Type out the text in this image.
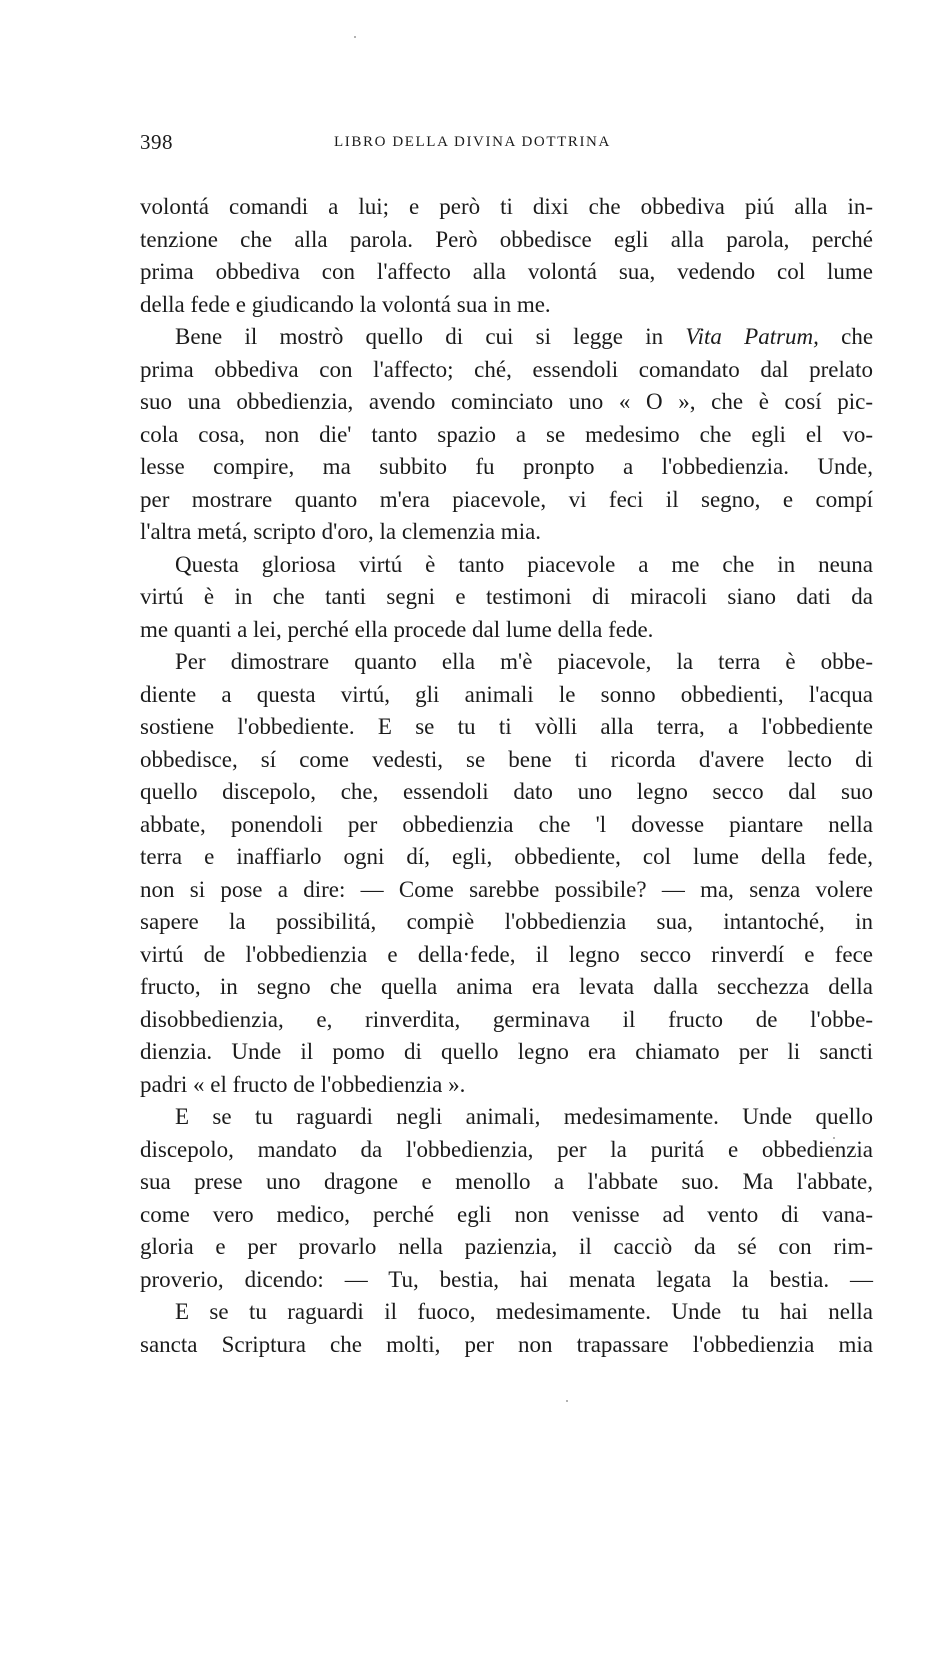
398	LIBRO DELLA DIVINA DOTTRINA
volontá comandi a lui; e però ti dixi che obbediva piú alla in-
tenzione che alla parola. Però obbedisce egli alla parola, perché
prima obbediva con l'affecto alla volontá sua, vedendo col lume
della fede e giudicando la volontá sua in me.
Bene il mostrò quello di cui si legge in Vita Patrum, che
prima obbediva con l'affecto; ché, essendoli comandato dal prelato
suo una obbedienzia, avendo cominciato uno « O », che è cosí pic-
cola cosa, non die' tanto spazio a se medesimo che egli el vo-
lesse compire, ma subbito fu pronpto a l'obbedienzia. Unde,
per mostrare quanto m'era piacevole, vi feci il segno, e compí
l'altra metá, scripto d'oro, la clemenzia mia.
Questa gloriosa virtú è tanto piacevole a me che in neuna
virtú è in che tanti segni e testimoni di miracoli siano dati da
me quanti a lei, perché ella procede dal lume della fede.
Per dimostrare quanto ella m'è piacevole, la terra è obbe-
diente a questa virtú, gli animali le sonno obbedienti, l'acqua
sostiene l'obbediente. E se tu ti vòlli alla terra, a l'obbediente
obbedisce, sí come vedesti, se bene ti ricorda d'avere lecto di
quello discepolo, che, essendoli dato uno legno secco dal suo
abbate, ponendoli per obbedienzia che 'l dovesse piantare nella
terra e inaffiarlo ogni dí, egli, obbediente, col lume della fede,
non si pose a dire: — Come sarebbe possibile? — ma, senza volere
sapere la possibilitá, compiè l'obbedienzia sua, intantoché, in
virtú de l'obbedienzia e della·fede, il legno secco rinverdí e fece
fructo, in segno che quella anima era levata dalla secchezza della
disobbedienzia, e, rinverdita, germinava il fructo de l'obbe-
dienzia. Unde il pomo di quello legno era chiamato per li sancti
padri « el fructo de l'obbedienzia ».
E se tu raguardi negli animali, medesimamente. Unde quello
discepolo, mandato da l'obbedienzia, per la puritá e obbedienzia
sua prese uno dragone e menollo a l'abbate suo. Ma l'abbate,
come vero medico, perché egli non venisse ad vento di vana-
gloria e per provarlo nella pazienzia, il cacciò da sé con rim-
proverio, dicendo: — Tu, bestia, hai menata legata la bestia. —
E se tu raguardi il fuoco, medesimamente. Unde tu hai nella
sancta Scriptura che molti, per non trapassare l'obbedienzia mia
